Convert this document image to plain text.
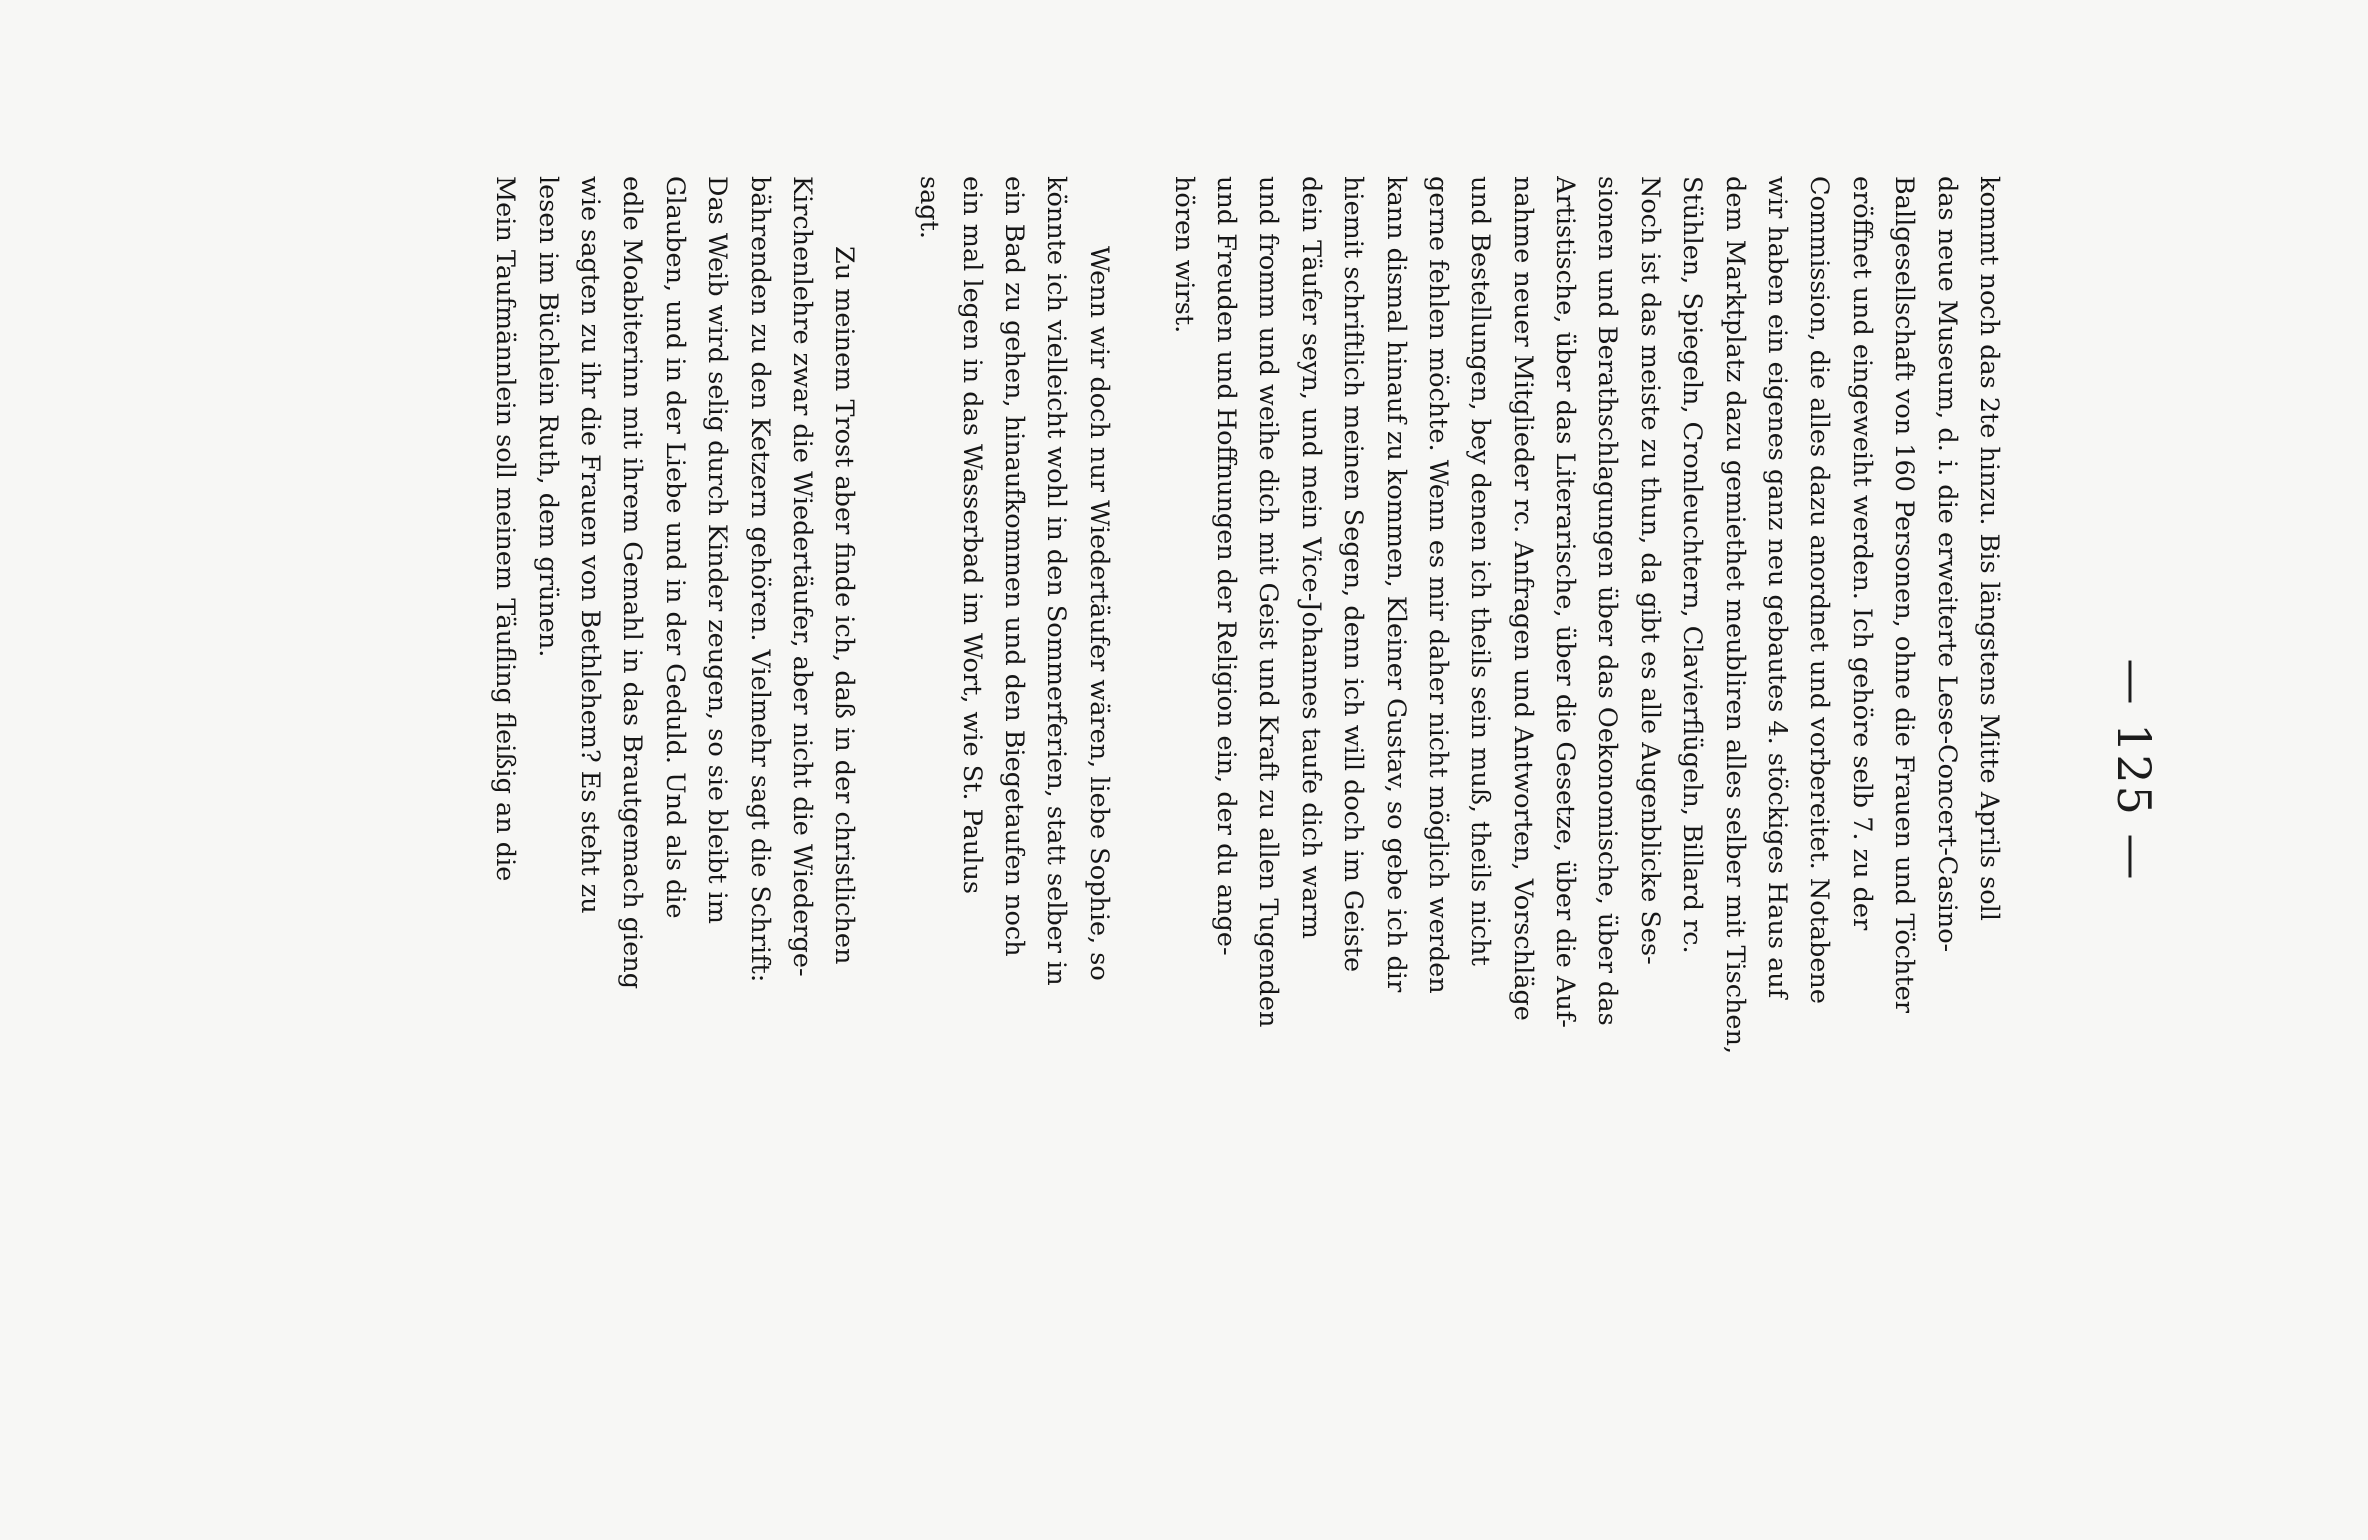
— 125 —
kommt noch das 2te hinzu. Bis längstens Mitte Aprils soll
das neue Museum, d. i. die erweiterte Lese-Concert-Casino-
Ballgesellschaft von 160 Personen, ohne die Frauen und Töchter
eröffnet und eingeweiht werden. Ich gehöre selb 7. zu der
Commission, die alles dazu anordnet und vorbereitet. Notabene
wir haben ein eigenes ganz neu gebautes 4. stöckiges Haus auf
dem Marktplatz dazu gemiethet meubliren alles selber mit Tischen,
Stühlen, Spiegeln, Cronleuchtern, Clavierflügeln, Billard rc.
Noch ist das meiste zu thun, da gibt es alle Augenblicke Ses-
sionen und Berathschlagungen über das Oekonomische, über das
Artistische, über das Literarische, über die Gesetze, über die Auf-
nahme neuer Mitglieder rc. Anfragen und Antworten, Vorschläge
und Bestellungen, bey denen ich theils sein muß, theils nicht
gerne fehlen möchte. Wenn es mir daher nicht möglich werden
kann dismal hinauf zu kommen, Kleiner Gustav, so gebe ich dir
hiemit schriftlich meinen Segen, denn ich will doch im Geiste
dein Täufer seyn, und mein Vice-Johannes taufe dich warm
und fromm und weihe dich mit Geist und Kraft zu allen Tugenden
und Freuden und Hoffnungen der Religion ein, der du ange-
hören wirst.
Wenn wir doch nur Wiedertäufer wären, liebe Sophie, so
könnte ich vielleicht wohl in den Sommerferien, statt selber in
ein Bad zu gehen, hinaufkommen und den Biegetaufen noch
ein mal legen in das Wasserbad im Wort, wie St. Paulus
sagt.
Zu meinem Trost aber finde ich, daß in der christlichen
Kirchenlehre zwar die Wiedertäufer, aber nicht die Wiederge-
bährenden zu den Ketzern gehören. Vielmehr sagt die Schrift:
Das Weib wird selig durch Kinder zeugen, so sie bleibt im
Glauben, und in der Liebe und in der Geduld. Und als die
edle Moabiterinn mit ihrem Gemahl in das Brautgemach gieng
wie sagten zu ihr die Frauen von Bethlehem? Es steht zu
lesen im Büchlein Ruth, dem grünen.
Mein Taufmännlein soll meinem Täufling fleißig an die
